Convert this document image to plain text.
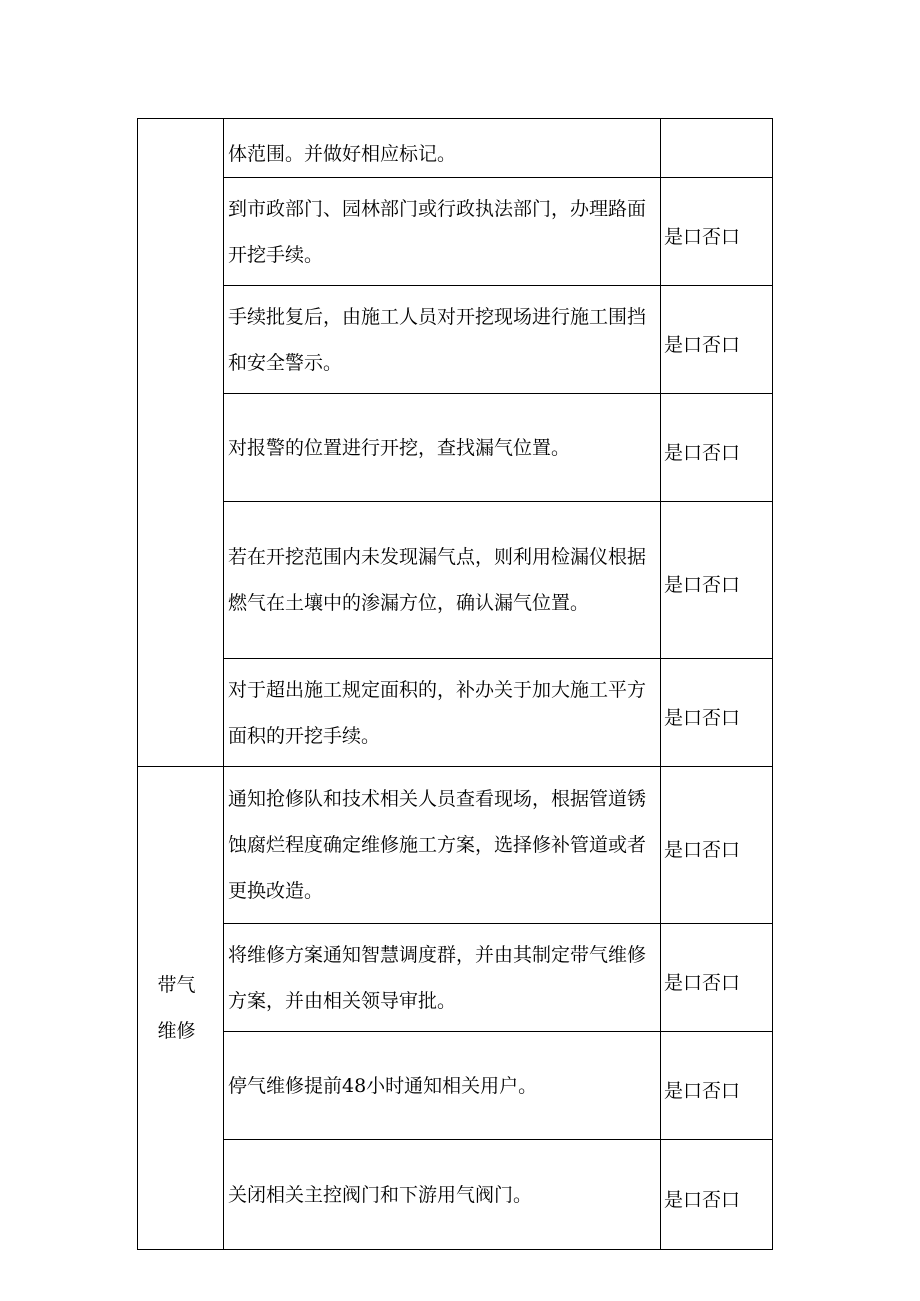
	体范围。并做好相应标记。	
	到市政部门、园林部门或行政执法部门，办理路面开挖手续。	是口否口
	手续批复后，由施工人员对开挖现场进行施工围挡和安全警示。	是口否口
	对报警的位置进行开挖，查找漏气位置。	是口否口
	若在开挖范围内未发现漏气点，则利用检漏仪根据燃气在土壤中的渗漏方位，确认漏气位置。	是口否口
	对于超出施工规定面积的，补办关于加大施工平方面积的开挖手续。	是口否口
带气维修	通知抢修队和技术相关人员查看现场，根据管道锈蚀腐烂程度确定维修施工方案，选择修补管道或者更换改造。	是口否口
	将维修方案通知智慧调度群，并由其制定带气维修方案，并由相关领导审批。	是口否口
	停气维修提前48小时通知相关用户。	是口否口
	关闭相关主控阀门和下游用气阀门。	是口否口
